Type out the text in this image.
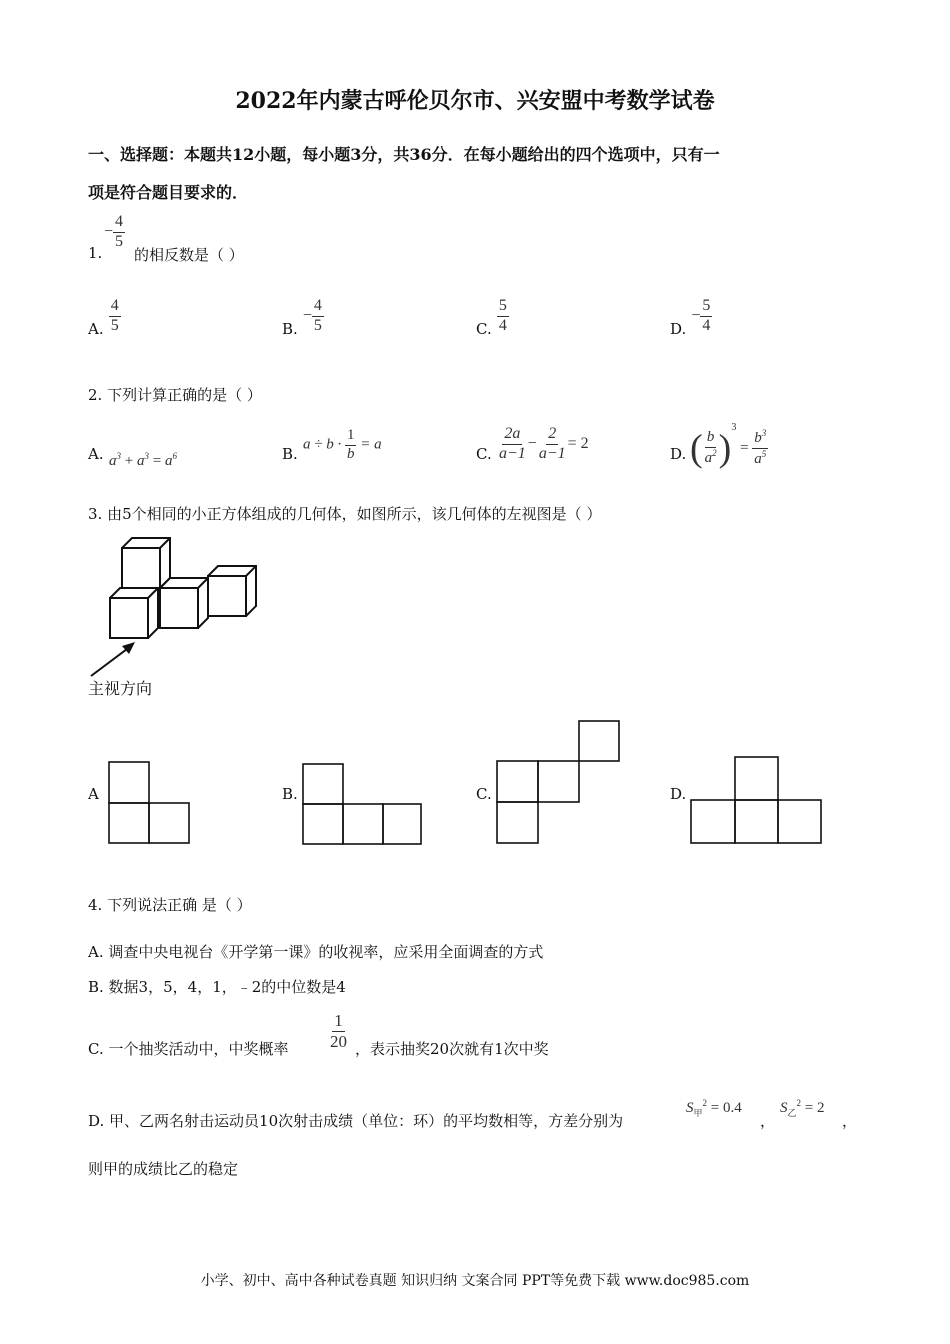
2022年内蒙古呼伦贝尔市、兴安盟中考数学试卷
一、选择题：本题共12小题，每小题3分，共36分．在每小题给出的四个选项中，只有一
项是符合题目要求的．
1.
− $\frac{4}{5}$
的相反数是（ ）
A. $\frac{4}{5}$	B. − $\frac{4}{5}$	C. $\frac{5}{4}$	D. − $\frac{5}{4}$
2. 下列计算正确的是（ ）
A. $a^3 + a^3 = a^6$	B.
$a \div b \cdot \frac{1}{b} = a$
C. $\frac{2a}{a-1} - \frac{2}{a-1} = 2$
D. ( $\frac{b}{a^2} )^3 = \frac{b^3}{a^5}$
3. 由5个相同的小正方体组成的几何体，如图所示，该几何体的左视图是（ ）
主视方向
A	B.	C.	D.
4. 下列说法正确 是（ ）
A. 调查中央电视台《开学第一课》的收视率，应采用全面调查的方式
B. 数据3，5，4，1，﹣2的中位数是4
C. 一个抽奖活动中，中奖概率 $\frac{1}{20}$ ，表示抽奖20次就有1次中奖
D. 甲、乙两名射击运动员10次射击成绩（单位：环）的平均数相等，方差分别为
$S_甲^2 = 0.4$
，
$S_乙^2 = 2$
，
则甲的成绩比乙的稳定
小学、初中、高中各种试卷真题 知识归纳 文案合同 PPT等免费下载 www.doc985.com
